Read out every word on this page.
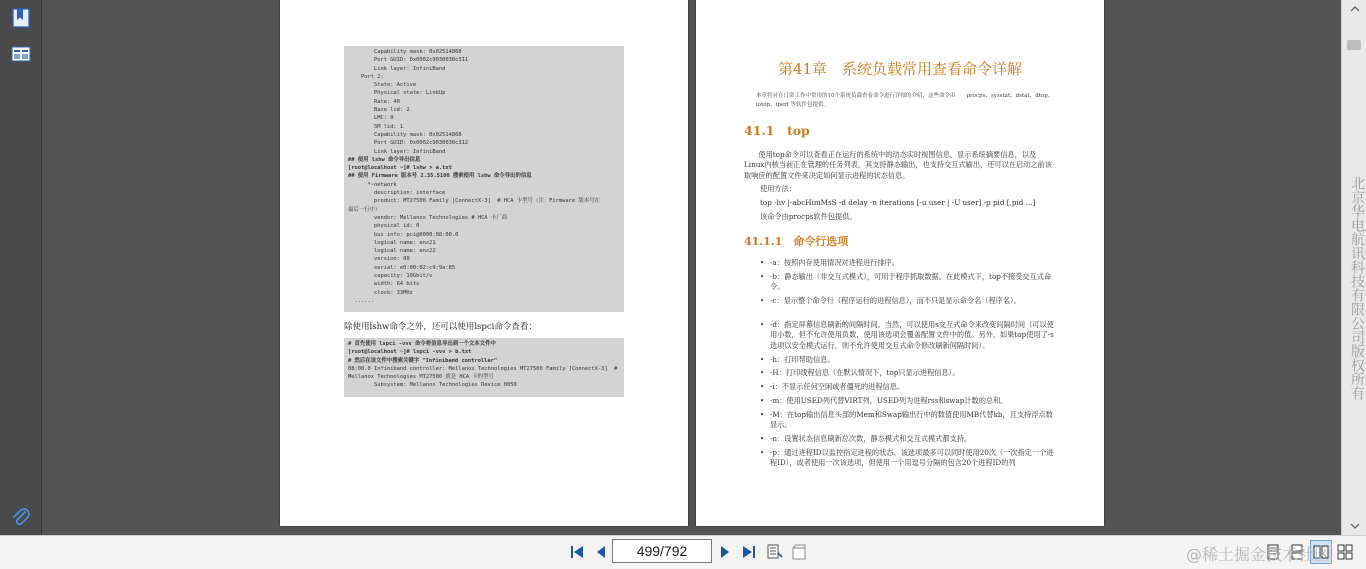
Capability mask: 0x02514868
Port GUID: 0x0002c9030030c311
Link layer: InfiniBand
Port 2:
State: Active
Physical state: LinkUp
Rate: 40
Base lid: 2
LMC: 0
SM lid: 1
Capability mask: 0x02514868
Port GUID: 0x0002c9030030c312
Link layer: InfiniBand
## 使用 lshw 命令导出信息
[root@localhost ~]# lshw > a.txt
## 使用 Firmware 版本号 2.35.5100 搜索使用 lshw 命令导出的信息
*-network
description: interface
product: MT27500 Family [ConnectX-3]  # HCA 卡型号（注：Firmware 版本号在
最后一行中）
vendor: Mellanox Technologies # HCA 卡厂商
physical id: 0
bus info: pci@0000:08:00.0
logical name: ens21
logical name: ens22
version: 00
serial: e0:00:02:c9:9a:85
capacity: 10Gbit/s
width: 64 bits
clock: 33MHz
......
除使用lshw命令之外，还可以使用lspci命令查看：
# 首先使用 lspci -vvv 命令将信息导出到一个文本文件中
[root@localhost ~]# lspci -vvv > b.txt
# 然后在该文件中搜索关键字 "Infiniband controller"
08:00.0 Infiniband controller: Mellanox Technologies MT27500 Family [ConnectX-3]  #
Mellanox Technologies MT27500 就是 HCA 卡的型号
Subsystem: Mellanox Technologies Device 0050
第41章　系统负载常用查看命令详解
本章将对在日常工作中常用的10个系统负载查看命令进行详细的介绍，这些命令由　　procps、sysstat、dstat、dtop、iotop、iperf 等软件包提供。
41.1　top
使用top命令可以查看正在运行的系统中的动态实时视图信息，显示系统摘要信息，以及Linux内核当前正在管理的任务列表，其支持静态输出，也支持交互式输出，还可以在启动之前该取响应的配置文件来决定如何显示进程的状态信息。
使用方法：
top -hv |-abcHimMsS -d delay -n iterations [-u user | -U user] -p pid [,pid ...]
该命令由procps软件包提供。
41.1.1　命令行选项
• -a：按照内存使用情况对进程进行排序。
• -b：静态输出（非交互式模式），可用于程序抓取数据。在此模式下，top不接受交互式命令。
• -c：显示整个命令行（程序运行的进程信息），而不只是显示命令名（程序名）。
• -d：指定屏幕信息刷新的间隔时间。当然，可以使用s交互式命令来改变间隔时间（可以使用小数，但不允许使用负数，使用该选项会覆盖配置文件中的值。另外，如果top使用了-s选项以安全模式运行，则不允许使用交互式命令修改刷新间隔时间）。
• -h：打印帮助信息。
• -H：打印线程信息（在默认情况下，top只显示进程信息）。
• -i：不显示任何空闲或者僵死的进程信息。
• -m：使用USED列代替VIRT列，USED列为进程rss和swap计数的总和。
• -M：在top输出信息头部的Mem和Swap输出行中的数值使用MB代替kb，且支持浮点数显示。
• -n：设置状态信息刷新总次数，静态模式和交互式模式都支持。
• -p：通过进程ID以监控指定进程的状态。该选项最多可以同时使用20次（一次指定一个进程ID），或者使用一次该选项，但使用一个用逗号分隔的包含20个进程ID的列
北京华电航讯科技有限公司版权所有
499/792
@稀土掘金技术社区
